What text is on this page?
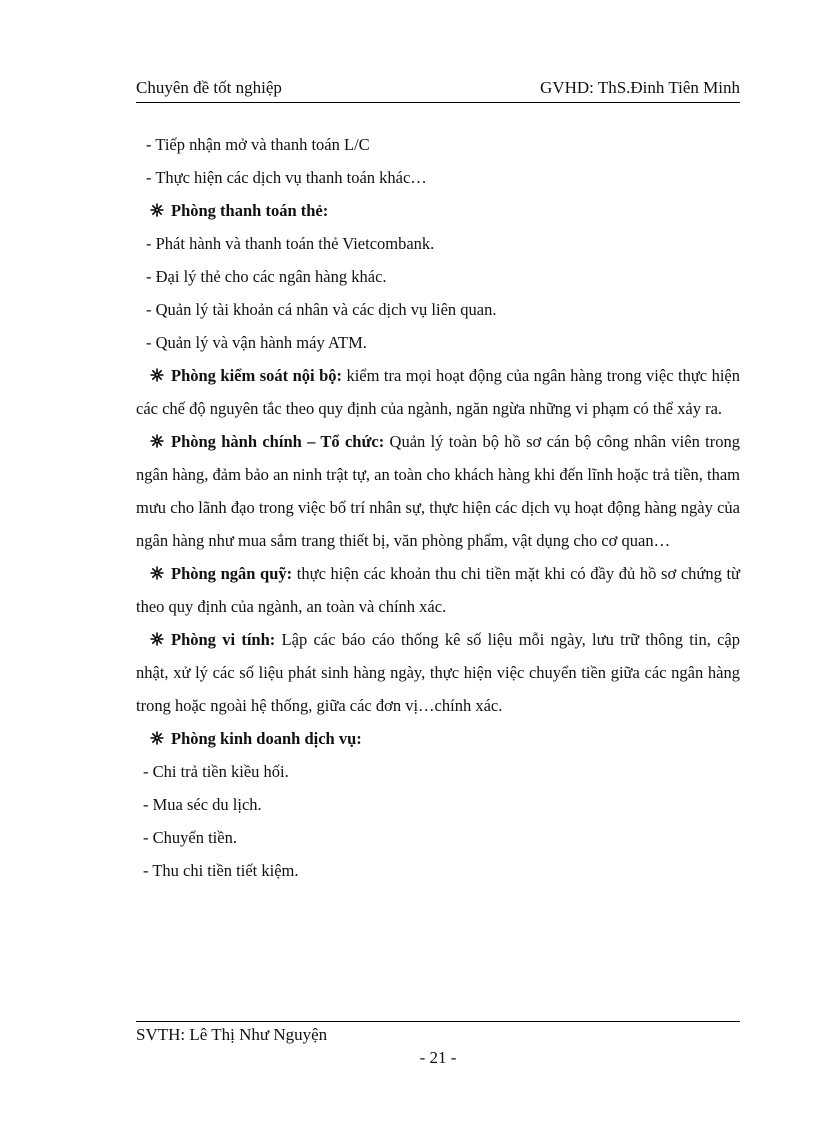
Chuyên đề tốt nghiệp	GVHD: ThS.Đinh Tiên Minh

- Tiếp nhận mở và thanh toán L/C

- Thực hiện các dịch vụ thanh toán khác…

Phòng thanh toán thẻ:

- Phát hành và thanh toán thẻ Vietcombank.

- Đại lý thẻ cho các ngân hàng khác.

- Quản lý tài khoản cá nhân và các dịch vụ liên quan.

- Quản lý và vận hành máy ATM.

Phòng kiểm soát nội bộ: kiểm tra mọi hoạt động của ngân hàng trong việc thực hiện các chế độ nguyên tắc theo quy định của ngành, ngăn ngừa những vi phạm có thể xảy ra.

Phòng hành chính – Tổ chức: Quản lý toàn bộ hồ sơ cán bộ công nhân viên trong ngân hàng, đảm bảo an ninh trật tự, an toàn cho khách hàng khi đến lĩnh hoặc trả tiền, tham mưu cho lãnh đạo trong việc bố trí nhân sự, thực hiện các dịch vụ hoạt động hàng ngày của ngân hàng như mua sắm trang thiết bị, văn phòng phẩm, vật dụng cho cơ quan…

Phòng ngân quỹ: thực hiện các khoản thu chi tiền mặt khi có đầy đủ hồ sơ chứng từ theo quy định của ngành, an toàn và chính xác.

Phòng vi tính: Lập các báo cáo thống kê số liệu mỗi ngày, lưu trữ thông tin, cập nhật, xử lý các số liệu phát sinh hàng ngày, thực hiện việc chuyển tiền giữa các ngân hàng trong hoặc ngoài hệ thống, giữa các đơn vị…chính xác.

Phòng kinh doanh dịch vụ:

- Chi trả tiền kiều hối.

- Mua séc du lịch.

- Chuyển tiền.

- Thu chi tiền tiết kiệm.

SVTH: Lê Thị Như Nguyện
- 21 -
